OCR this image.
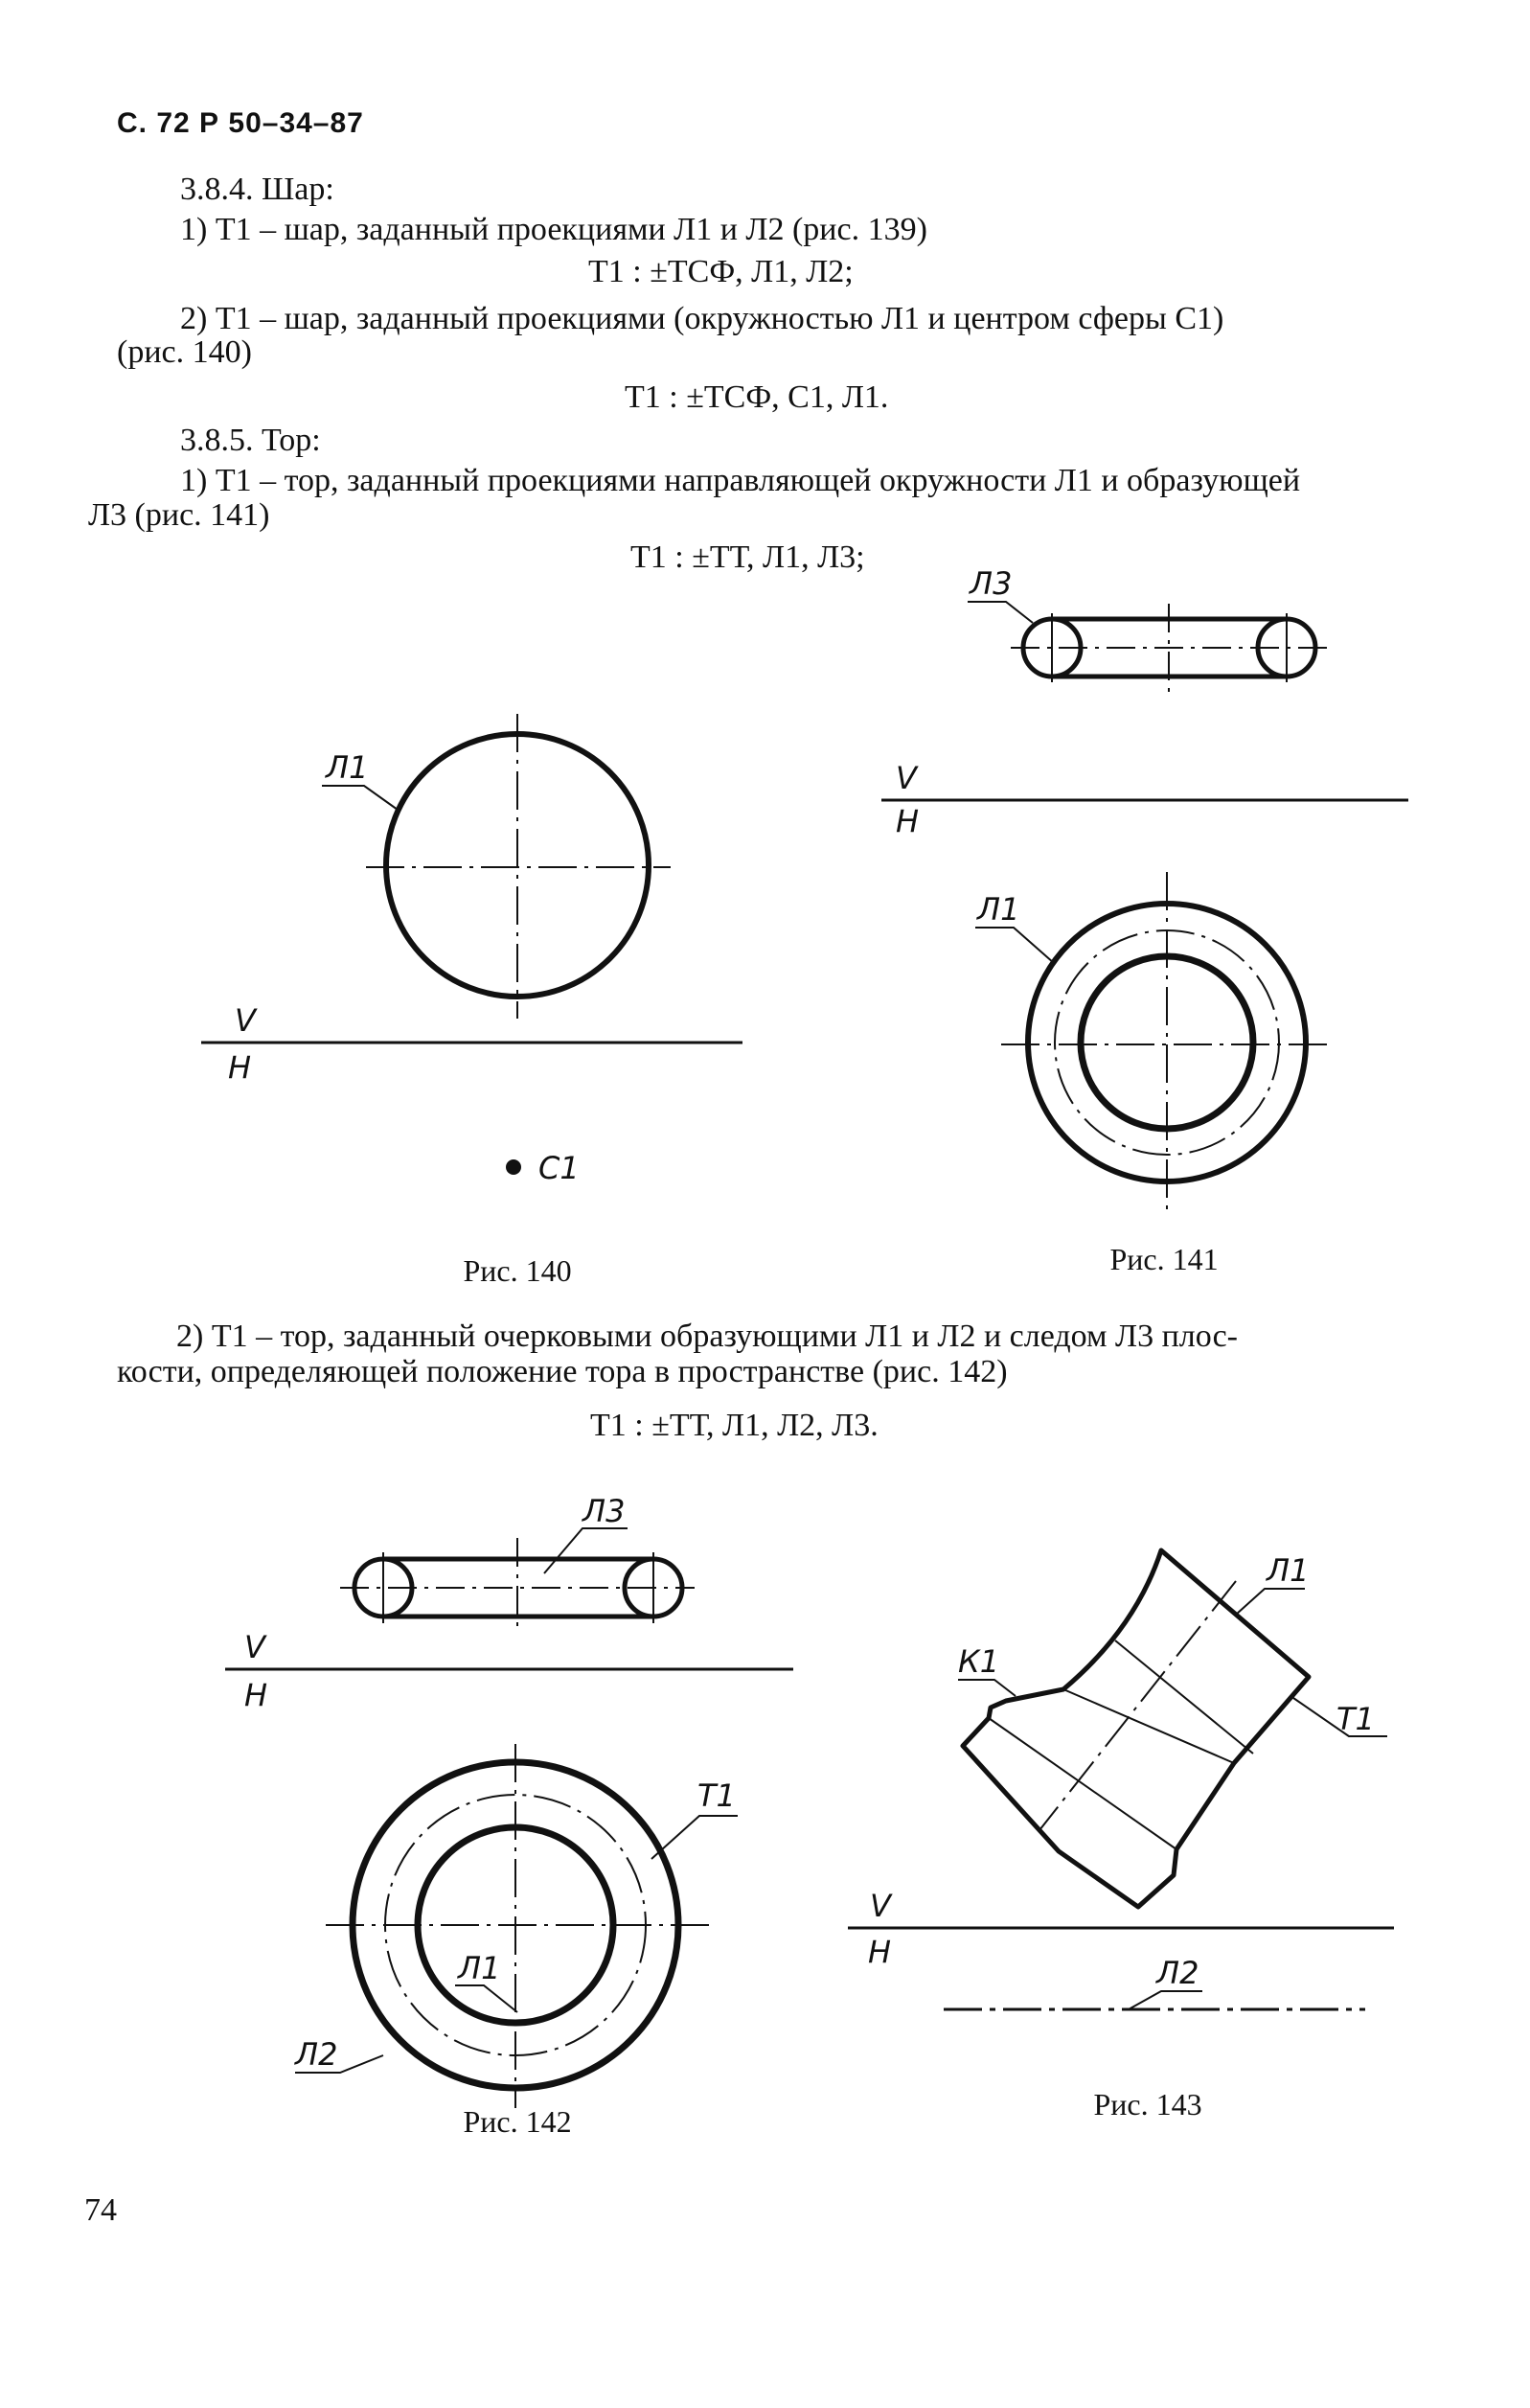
С. 72 Р 50–34–87
3.8.4. Шар:
1) Т1 – шар, заданный проекциями Л1 и Л2 (рис. 139)
Т1 : ±ТСФ, Л1, Л2;
2) Т1 – шар, заданный проекциями (окружностью Л1 и центром сферы С1)
(рис. 140)
Т1 : ±ТСФ, С1, Л1.
3.8.5. Тор:
1) Т1 – тор, заданный проекциями направляющей окружности Л1 и образующей
Л3 (рис. 141)
Т1 : ±ТТ, Л1, Л3;
Л1
V
H
С1
Л3
V
H
Л1
Рис. 140	Рис. 141
2) Т1 – тор, заданный очерковыми образующими Л1 и Л2 и следом Л3 плос-
кости, определяющей положение тора в пространстве (рис. 142)
Т1 : ±ТТ, Л1, Л2, Л3.
Л3
V
H
Т1
Л1
Л2
Л1
К1
Т1
V
H
Л2
Рис. 142	Рис. 143
74
